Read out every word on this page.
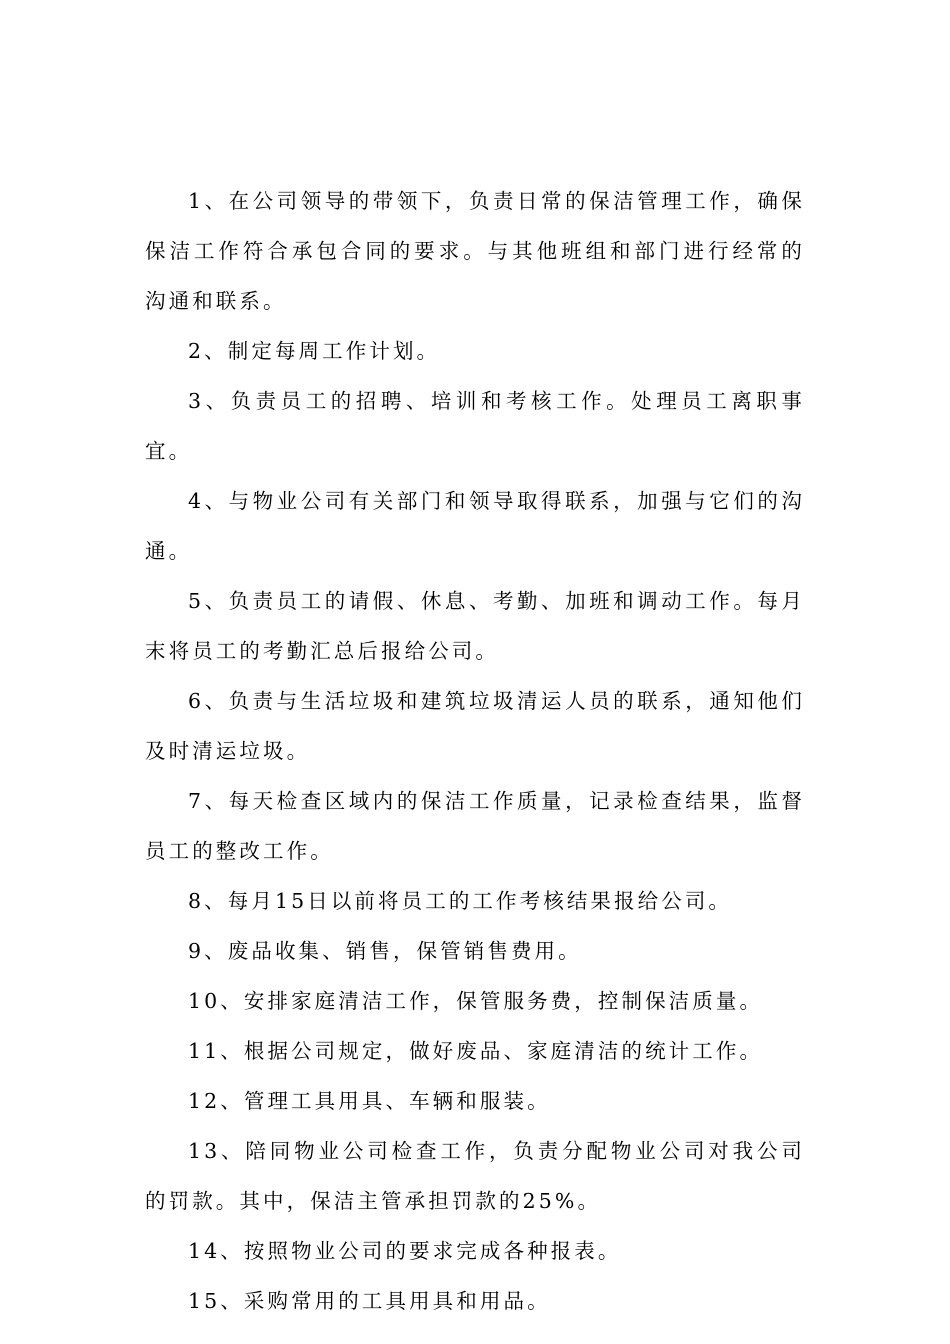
1、在公司领导的带领下，负责日常的保洁管理工作，确保保洁工作符合承包合同的要求。与其他班组和部门进行经常的沟通和联系。

2、制定每周工作计划。

3、负责员工的招聘、培训和考核工作。处理员工离职事宜。

4、与物业公司有关部门和领导取得联系，加强与它们的沟通。

5、负责员工的请假、休息、考勤、加班和调动工作。每月末将员工的考勤汇总后报给公司。

6、负责与生活垃圾和建筑垃圾清运人员的联系，通知他们及时清运垃圾。

7、每天检查区域内的保洁工作质量，记录检查结果，监督员工的整改工作。

8、每月15日以前将员工的工作考核结果报给公司。

9、废品收集、销售，保管销售费用。

10、安排家庭清洁工作，保管服务费，控制保洁质量。

11、根据公司规定，做好废品、家庭清洁的统计工作。

12、管理工具用具、车辆和服装。

13、陪同物业公司检查工作，负责分配物业公司对我公司的罚款。其中，保洁主管承担罚款的25%。

14、按照物业公司的要求完成各种报表。

15、采购常用的工具用具和用品。
